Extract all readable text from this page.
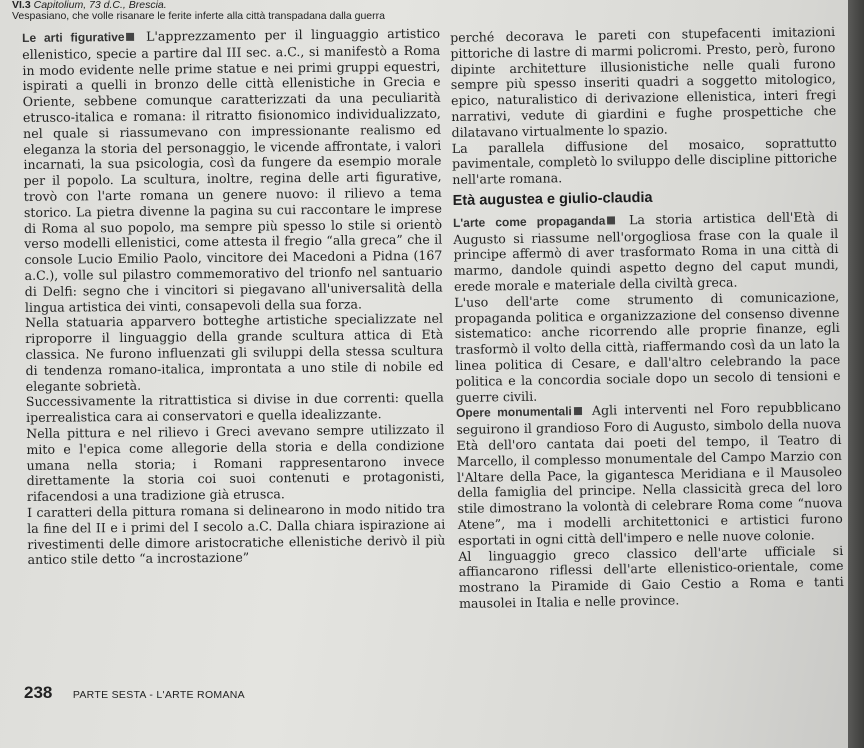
VI.3 Capitolium, 73 d.C., Brescia.
Vespasiano, che volle risanare le ferite inferte alla città transpadana dalla guerra

Le arti figurative L'apprezzamento per il linguaggio artistico ellenistico, specie a partire dal III sec. a.C., si manifestò a Roma in modo evidente nelle prime statue e nei primi gruppi equestri, ispirati a quelli in bronzo delle città ellenistiche in Grecia e Oriente, sebbene comunque caratterizzati da una peculiarità etrusco-italica e romana: il ritratto fisionomico individualizzato, nel quale si riassumevano con impressionante realismo ed eleganza la storia del personaggio, le vicende affrontate, i valori incarnati, la sua psicologia, così da fungere da esempio morale per il popolo. La scultura, inoltre, regina delle arti figurative, trovò con l'arte romana un genere nuovo: il rilievo a tema storico. La pietra divenne la pagina su cui raccontare le imprese di Roma al suo popolo, ma sempre più spesso lo stile si orientò verso modelli ellenistici, come attesta il fregio “alla greca” che il console Lucio Emilio Paolo, vincitore dei Macedoni a Pidna (167 a.C.), volle sul pilastro commemorativo del trionfo nel santuario di Delfi: segno che i vincitori si piegavano all'universalità della lingua artistica dei vinti, consapevoli della sua forza.

Nella statuaria apparvero botteghe artistiche specializzate nel riproporre il linguaggio della grande scultura attica di Età classica. Ne furono influenzati gli sviluppi della stessa scultura di tendenza romano-italica, improntata a uno stile di nobile ed elegante sobrietà.

Successivamente la ritrattistica si divise in due correnti: quella iperrealistica cara ai conservatori e quella idealizzante.

Nella pittura e nel rilievo i Greci avevano sempre utilizzato il mito e l'epica come allegorie della storia e della condizione umana nella storia; i Romani rappresentarono invece direttamente la storia coi suoi contenuti e protagonisti, rifacendosi a una tradizione già etrusca.

I caratteri della pittura romana si delinearono in modo nitido tra la fine del II e i primi del I secolo a.C. Dalla chiara ispirazione ai rivestimenti delle dimore aristocratiche ellenistiche derivò il più antico stile detto “a incrostazione”

perché decorava le pareti con stupefacenti imitazioni pittoriche di lastre di marmi policromi. Presto, però, furono dipinte architetture illusionistiche nelle quali furono sempre più spesso inseriti quadri a soggetto mitologico, epico, naturalistico di derivazione ellenistica, interi fregi narrativi, vedute di giardini e fughe prospettiche che dilatavano virtualmente lo spazio.

La parallela diffusione del mosaico, soprattutto pavimentale, completò lo sviluppo delle discipline pittoriche nell'arte romana.

Età augustea e giulio-claudia

L'arte come propaganda La storia artistica dell'Età di Augusto si riassume nell'orgogliosa frase con la quale il principe affermò di aver trasformato Roma in una città di marmo, dandole quindi aspetto degno del caput mundi, erede morale e materiale della civiltà greca.

L'uso dell'arte come strumento di comunicazione, propaganda politica e organizzazione del consenso divenne sistematico: anche ricorrendo alle proprie finanze, egli trasformò il volto della città, riaffermando così da un lato la linea politica di Cesare, e dall'altro celebrando la pace politica e la concordia sociale dopo un secolo di tensioni e guerre civili.

Opere monumentali Agli interventi nel Foro repubblicano seguirono il grandioso Foro di Augusto, simbolo della nuova Età dell'oro cantata dai poeti del tempo, il Teatro di Marcello, il complesso monumentale del Campo Marzio con l'Altare della Pace, la gigantesca Meridiana e il Mausoleo della famiglia del principe. Nella classicità greca del loro stile dimostrano la volontà di celebrare Roma come “nuova Atene”, ma i modelli architettonici e artistici furono esportati in ogni città dell'impero e nelle nuove colonie.

Al linguaggio greco classico dell'arte ufficiale si affiancarono riflessi dell'arte ellenistico-orientale, come mostrano la Piramide di Gaio Cestio a Roma e tanti mausolei in Italia e nelle province.

238 PARTE SESTA - L'ARTE ROMANA
